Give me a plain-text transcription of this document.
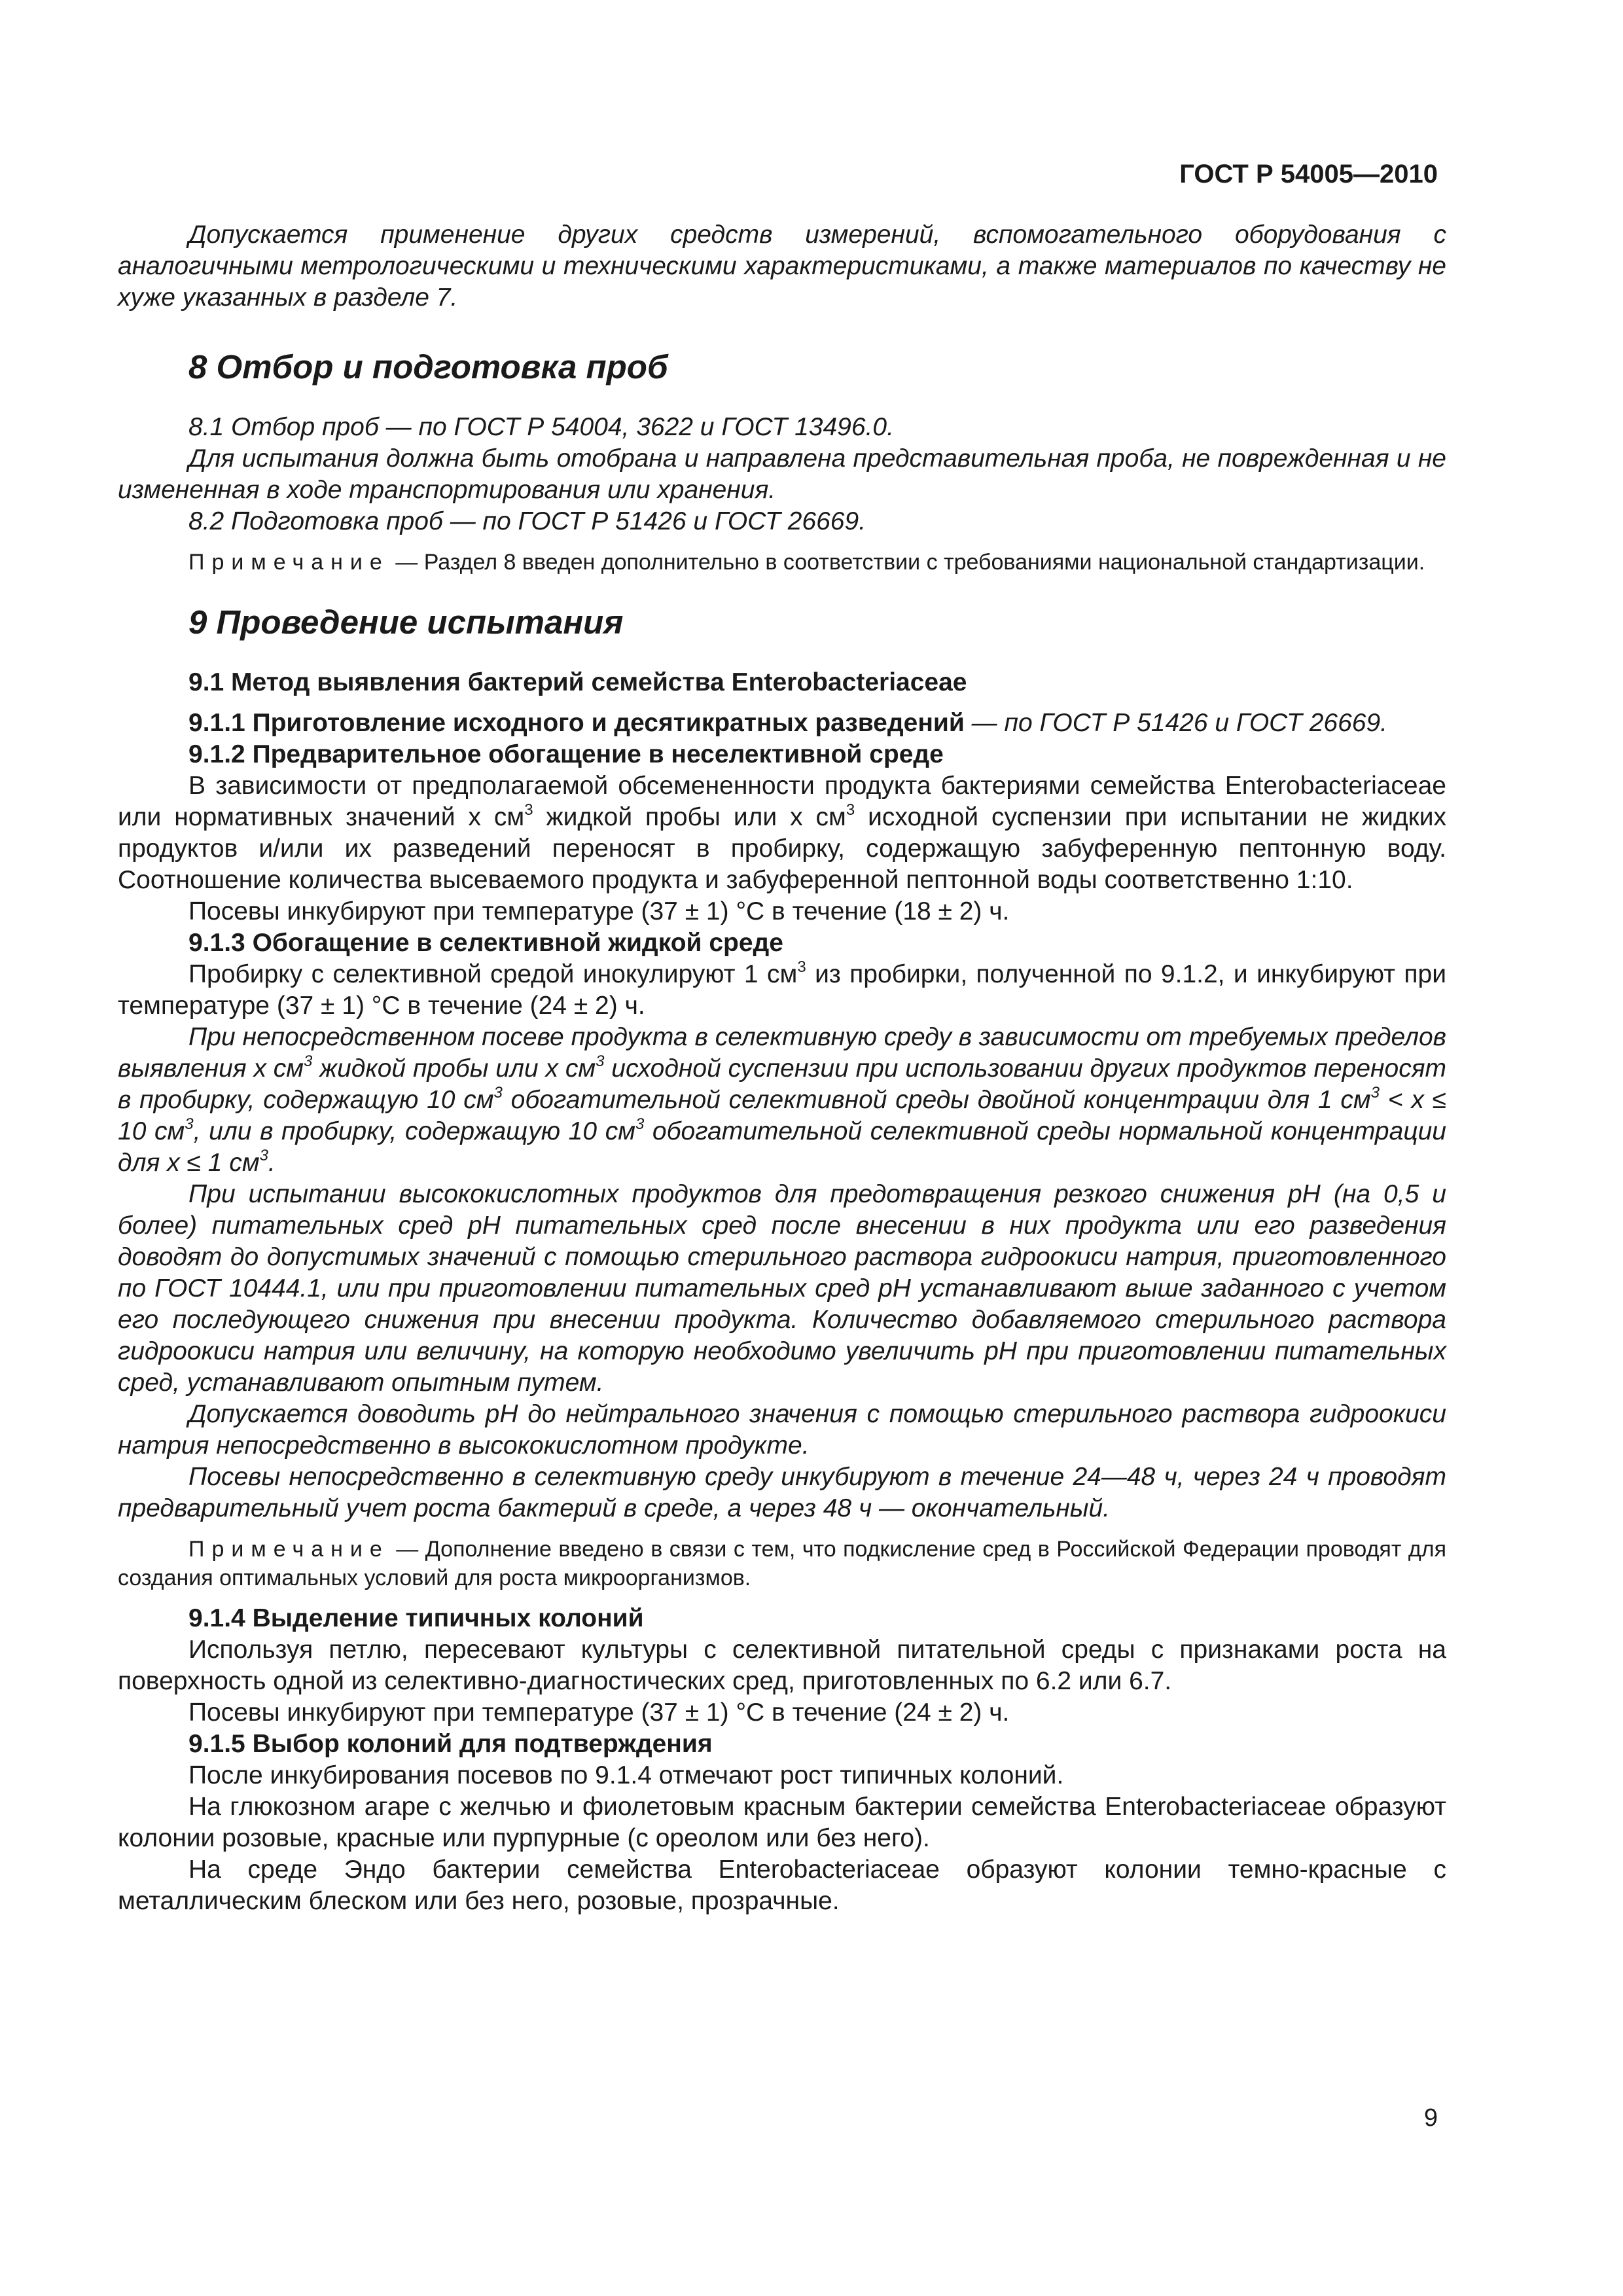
ГОСТ Р 54005—2010

Допускается применение других средств измерений, вспомогательного оборудования с аналогичными метрологическими и техническими характеристиками, а также материалов по качеству не хуже указанных в разделе 7.

8 Отбор и подготовка проб

8.1 Отбор проб — по ГОСТ Р 54004, 3622 и ГОСТ 13496.0.

Для испытания должна быть отобрана и направлена представительная проба, не поврежденная и не измененная в ходе транспортирования или хранения.

8.2 Подготовка проб — по ГОСТ Р 51426 и ГОСТ 26669.

Примечание — Раздел 8 введен дополнительно в соответствии с требованиями национальной стандартизации.

9 Проведение испытания

9.1 Метод выявления бактерий семейства Enterobacteriaceae

9.1.1 Приготовление исходного и десятикратных разведений — по ГОСТ Р 51426 и ГОСТ 26669.

9.1.2 Предварительное обогащение в неселективной среде

В зависимости от предполагаемой обсемененности продукта бактериями семейства Enterobacteriaceae или нормативных значений x $см^3$ жидкой пробы или x $см^3$ исходной суспензии при испытании не жидких продуктов и/или их разведений переносят в пробирку, содержащую забуференную пептонную воду. Соотношение количества высеваемого продукта и забуференной пептонной воды соответственно 1:10.

Посевы инкубируют при температуре (37 ± 1) °С в течение (18 ± 2) ч.

9.1.3 Обогащение в селективной жидкой среде

Пробирку с селективной средой инокулируют 1 $см^3$ из пробирки, полученной по 9.1.2, и инкубируют при температуре (37 ± 1) °С в течение (24 ± 2) ч.

При непосредственном посеве продукта в селективную среду в зависимости от требуемых пределов выявления x $см^3$ жидкой пробы или x $см^3$ исходной суспензии при использовании других продуктов переносят в пробирку, содержащую 10 $см^3$ обогатительной селективной среды двойной концентрации для 1 $см^3 < x \le 10$ $см^3$, или в пробирку, содержащую 10 $см^3$ обогатительной селективной среды нормальной концентрации для x ≤ 1 $см^3$.

При испытании высококислотных продуктов для предотвращения резкого снижения pH (на 0,5 и более) питательных сред pH питательных сред после внесении в них продукта или его разведения доводят до допустимых значений с помощью стерильного раствора гидроокиси натрия, приготовленного по ГОСТ 10444.1, или при приготовлении питательных сред pH устанавливают выше заданного с учетом его последующего снижения при внесении продукта. Количество добавляемого стерильного раствора гидроокиси натрия или величину, на которую необходимо увеличить pH при приготовлении питательных сред, устанавливают опытным путем.

Допускается доводить pH до нейтрального значения с помощью стерильного раствора гидроокиси натрия непосредственно в высококислотном продукте.

Посевы непосредственно в селективную среду инкубируют в течение 24—48 ч, через 24 ч проводят предварительный учет роста бактерий в среде, а через 48 ч — окончательный.

Примечание — Дополнение введено в связи с тем, что подкисление сред в Российской Федерации проводят для создания оптимальных условий для роста микроорганизмов.

9.1.4 Выделение типичных колоний

Используя петлю, пересевают культуры с селективной питательной среды с признаками роста на поверхность одной из селективно-диагностических сред, приготовленных по 6.2 или 6.7.

Посевы инкубируют при температуре (37 ± 1) °С в течение (24 ± 2) ч.

9.1.5 Выбор колоний для подтверждения

После инкубирования посевов по 9.1.4 отмечают рост типичных колоний.

На глюкозном агаре с желчью и фиолетовым красным бактерии семейства Enterobacteriaceae образуют колонии розовые, красные или пурпурные (с ореолом или без него).

На среде Эндо бактерии семейства Enterobacteriaceae образуют колонии темно-красные с металлическим блеском или без него, розовые, прозрачные.

9
